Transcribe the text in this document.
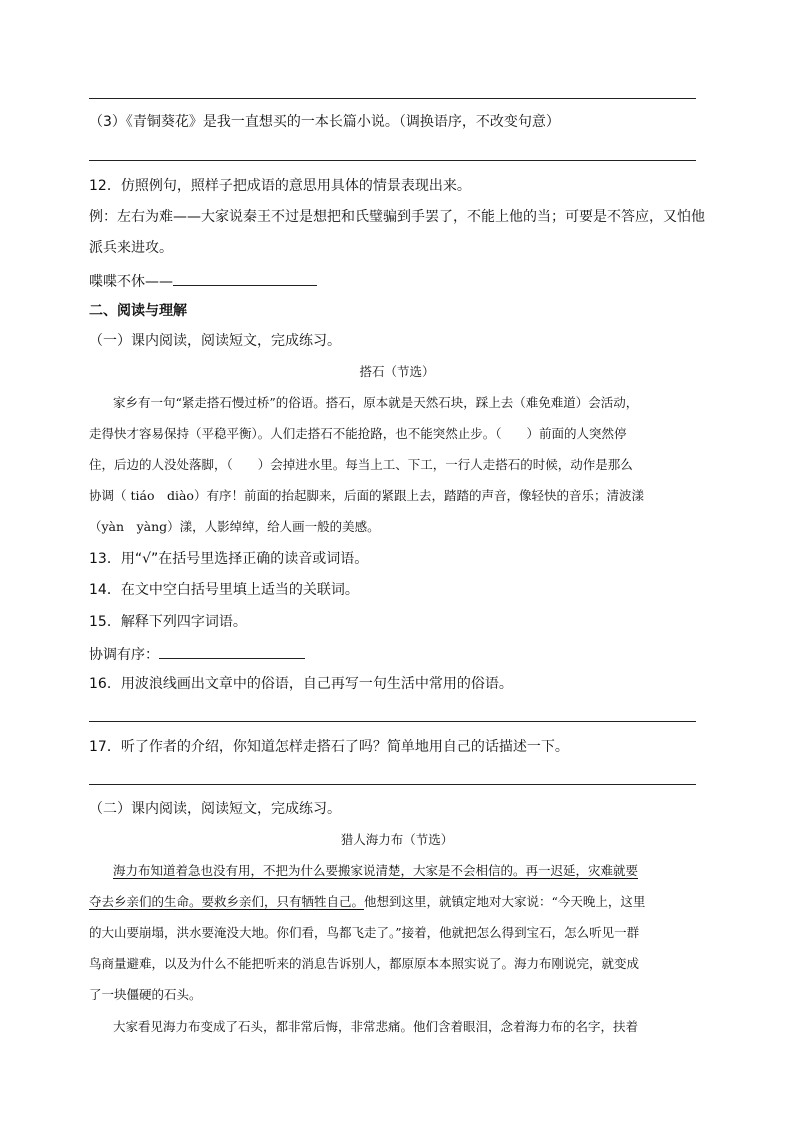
（3）《青铜葵花》是我一直想买的一本长篇小说。（调换语序，不改变句意）
12．仿照例句，照样子把成语的意思用具体的情景表现出来。
例：左右为难——大家说秦王不过是想把和氏璧骗到手罢了，不能上他的当；可要是不答应，又怕他
派兵来进攻。
喋喋不休——
二、阅读与理解
（一）课内阅读，阅读短文，完成练习。
搭石（节选）
家乡有一句“紧走搭石慢过桥”的俗语。搭石，原本就是天然石块，踩上去（难免难道）会活动，
走得快才容易保持（平稳平衡）。人们走搭石不能抢路，也不能突然止步。（　　）前面的人突然停
住，后边的人没处落脚，（　　）会掉进水里。每当上工、下工，一行人走搭石的时候，动作是那么
协调（ tiáo　diào）有序！前面的抬起脚来，后面的紧跟上去，踏踏的声音，像轻快的音乐；清波漾
（yàn　yàng）漾，人影绰绰，给人画一般的美感。
13．用“√”在括号里选择正确的读音或词语。
14．在文中空白括号里填上适当的关联词。
15．解释下列四字词语。
协调有序：
16．用波浪线画出文章中的俗语，自己再写一句生活中常用的俗语。
17．听了作者的介绍，你知道怎样走搭石了吗？简单地用自己的话描述一下。
（二）课内阅读，阅读短文，完成练习。
猎人海力布（节选）
海力布知道着急也没有用，不把为什么要搬家说清楚，大家是不会相信的。再一迟延，灾难就要
夺去乡亲们的生命。要救乡亲们，只有牺牲自己。他想到这里，就镇定地对大家说：“今天晚上，这里
的大山要崩塌，洪水要淹没大地。你们看，鸟都飞走了。”接着，他就把怎么得到宝石，怎么听见一群
鸟商量避难，以及为什么不能把听来的消息告诉别人，都原原本本照实说了。海力布刚说完，就变成
了一块僵硬的石头。
大家看见海力布变成了石头，都非常后悔，非常悲痛。他们含着眼泪，念着海力布的名字，扶着
